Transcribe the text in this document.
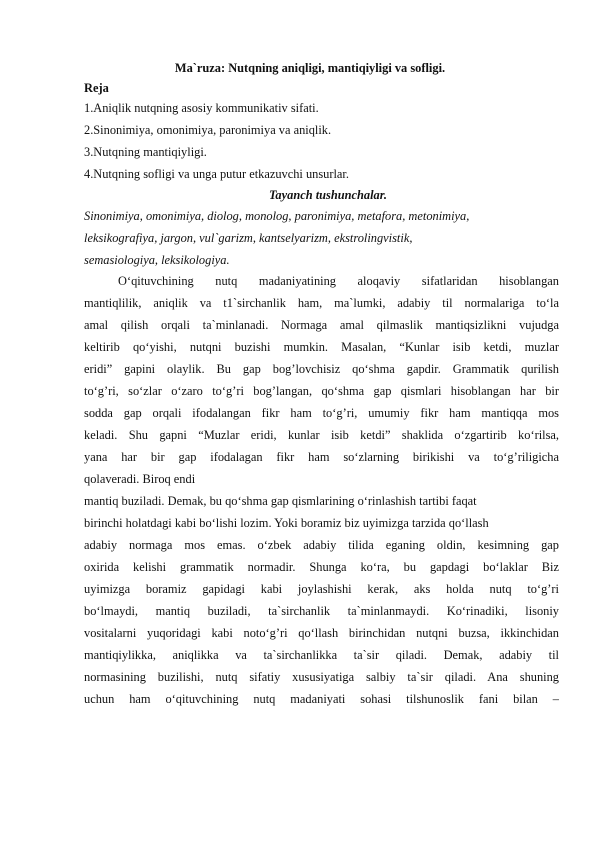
Ma`ruza: Nutqning aniqligi, mantiqiyligi va sofligi.
Reja
1.Aniqlik nutqning asosiy kommunikativ sifati.
2.Sinonimiya, omonimiya, paronimiya va aniqlik.
3.Nutqning mantiqiyligi.
4.Nutqning sofligi va unga putur etkazuvchi unsurlar.
Tayanch tushunchalar.
Sinonimiya, omonimiya, diolog, monolog, paronimiya, metafora, metonimiya,
leksikografiya, jargon, vul`garizm, kantselyarizm, ekstrolingvistik,
semasiologiya, leksikologiya.
O‘qituvchining nutq madaniyatining aloqaviy sifatlaridan hisoblangan
mantiqlilik, aniqlik va t1`sirchanlik ham, ma`lumki, adabiy til normalariga to‘la
amal qilish orqali ta`minlanadi. Normaga amal qilmaslik mantiqsizlikni vujudga
keltirib qo‘yishi, nutqni buzishi mumkin. Masalan, “Kunlar isib ketdi, muzlar
eridi” gapini olaylik. Bu gap bog’lovchisiz qo‘shma gapdir. Grammatik qurilish
to‘g’ri, so‘zlar o‘zaro to‘g’ri bog’langan, qo‘shma gap qismlari hisoblangan har bir
sodda gap orqali ifodalangan fikr ham to‘g’ri, umumiy fikr ham mantiqqa mos
keladi. Shu gapni “Muzlar eridi, kunlar isib ketdi” shaklida o‘zgartirib ko‘rilsa,
yana har bir gap ifodalagan fikr ham so‘zlarning birikishi va to‘g’riligicha
qolaveradi. Biroq endi
mantiq buziladi. Demak, bu qo‘shma gap qismlarining o‘rinlashish tartibi faqat
birinchi holatdagi kabi bo‘lishi lozim. Yoki boramiz biz uyimizga tarzida qo‘llash
adabiy normaga mos emas. o‘zbek adabiy tilida eganing oldin, kesimning gap
oxirida kelishi grammatik normadir. Shunga ko‘ra, bu gapdagi bo‘laklar Biz
uyimizga boramiz gapidagi kabi joylashishi kerak, aks holda nutq to‘g’ri
bo‘lmaydi, mantiq buziladi, ta`sirchanlik ta`minlanmaydi. Ko‘rinadiki, lisoniy
vositalarni yuqoridagi kabi noto‘g’ri qo‘llash birinchidan nutqni buzsa, ikkinchidan
mantiqiylikka, aniqlikka va ta`sirchanlikka ta`sir qiladi. Demak, adabiy til
normasining buzilishi, nutq sifatiy xususiyatiga salbiy ta`sir qiladi. Ana shuning
uchun ham o‘qituvchining nutq madaniyati sohasi tilshunoslik fani bilan –
